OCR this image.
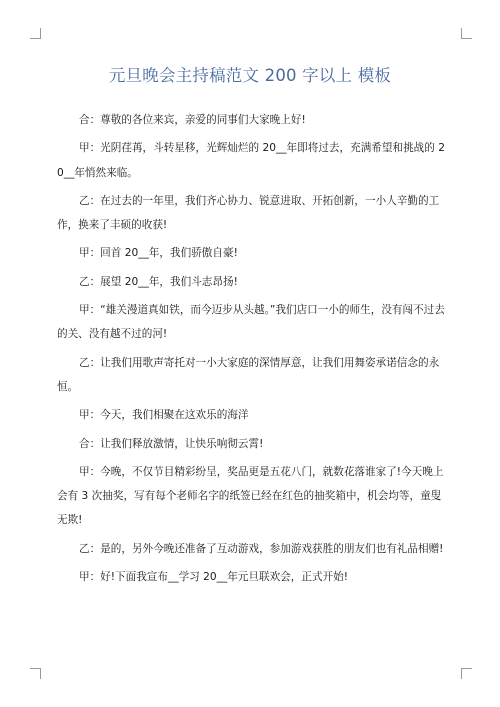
元旦晚会主持稿范文 200 字以上 模板

合：尊敬的各位来宾，亲爱的同事们大家晚上好!

甲：光阴荏苒，斗转星移，光辉灿烂的 20__年即将过去，充满希望和挑战的 20__年悄然来临。

乙：在过去的一年里，我们齐心协力、锐意进取、开拓创新，一小人辛勤的工作，换来了丰硕的收获!

甲：回首 20__年，我们骄傲自豪!

乙：展望 20__年，我们斗志昂扬!

甲：“雄关漫道真如铁，而今迈步从头越。”我们店口一小的师生，没有闯不过去的关、没有越不过的河!

乙：让我们用歌声寄托对一小大家庭的深情厚意，让我们用舞姿承诺信念的永恒。

甲：今天，我们相聚在这欢乐的海洋

合：让我们释放激情，让快乐响彻云霄!

甲：今晚，不仅节目精彩纷呈，奖品更是五花八门，就数花落谁家了!今天晚上会有 3 次抽奖，写有每个老师名字的纸签已经在红色的抽奖箱中，机会均等，童叟无欺!

乙：是的，另外今晚还准备了互动游戏，参加游戏获胜的朋友们也有礼品相赠!

甲：好!下面我宣布__学习 20__年元旦联欢会，正式开始!
